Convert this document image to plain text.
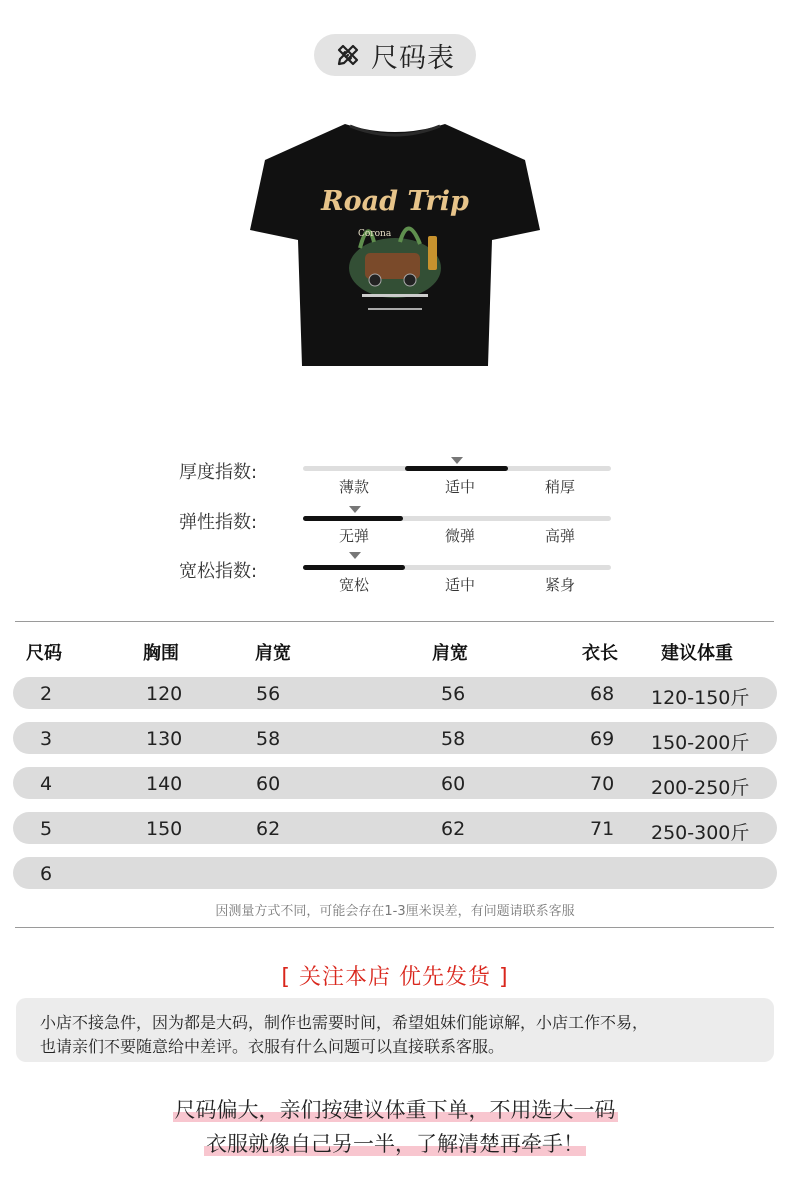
尺码表
Road Trip
Corona
厚度指数:
薄款	适中	稍厚
弹性指数:
无弹	微弹	高弹
宽松指数:
宽松	适中	紧身
尺码	胸围	肩宽	肩宽	衣长 建议体重
2	120	56	56	68 120-150斤
3	130	58	58	69 150-200斤
4	140	60	60	70 200-250斤
5	150	62	62	71 250-300斤
6
因测量方式不同，可能会存在1-3厘米误差，有问题请联系客服
[ 关注本店 优先发货 ]
小店不接急件，因为都是大码，制作也需要时间，希望姐妹们能谅解，小店工作不易，
也请亲们不要随意给中差评。衣服有什么问题可以直接联系客服。
尺码偏大，亲们按建议体重下单，不用选大一码
衣服就像自己另一半，了解清楚再牵手！
